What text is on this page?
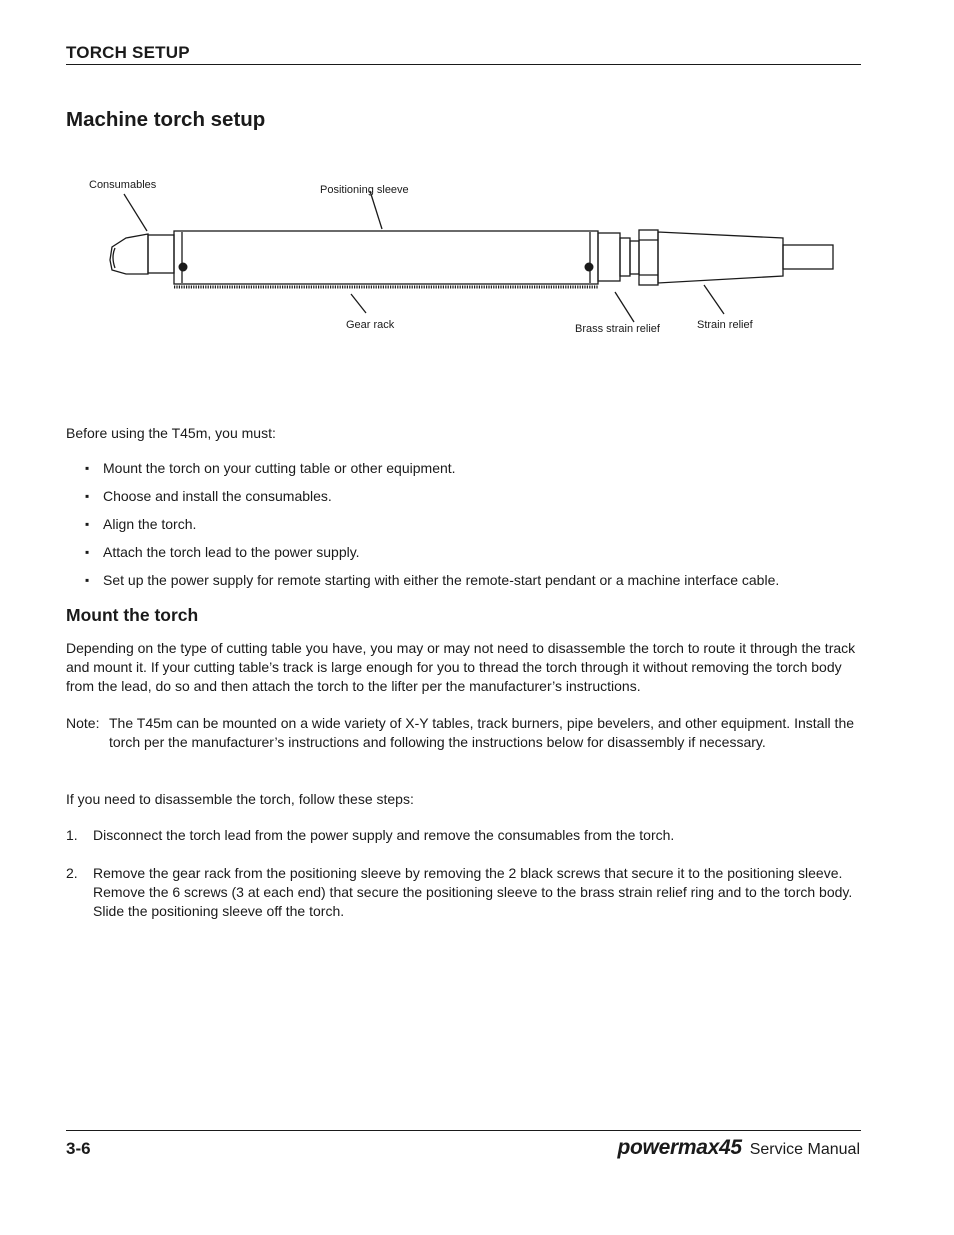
TORCH SETUP
Machine torch setup
Consumables	Positioning sleeve
Gear rack	Brass strain relief	Strain relief
Before using the T45m, you must:
▪ Mount the torch on your cutting table or other equipment.
▪ Choose and install the consumables.
▪ Align the torch.
▪ Attach the torch lead to the power supply.
▪ Set up the power supply for remote starting with either the remote-start pendant or a machine interface cable.
Mount the torch
Depending on the type of cutting table you have, you may or may not need to disassemble the torch to route it through the track and mount it. If your cutting table’s track is large enough for you to thread the torch through it without removing the torch body from the lead, do so and then attach the torch to the lifter per the manufacturer’s instructions.
Note: The T45m can be mounted on a wide variety of X-Y tables, track burners, pipe bevelers, and other equipment. Install the torch per the manufacturer’s instructions and following the instructions below for disassembly if necessary.
If you need to disassemble the torch, follow these steps:
1. Disconnect the torch lead from the power supply and remove the consumables from the torch.
2. Remove the gear rack from the positioning sleeve by removing the 2 black screws that secure it to the positioning sleeve. Remove the 6 screws (3 at each end) that secure the positioning sleeve to the brass strain relief ring and to the torch body. Slide the positioning sleeve off the torch.
3-6	powermax45 Service Manual
